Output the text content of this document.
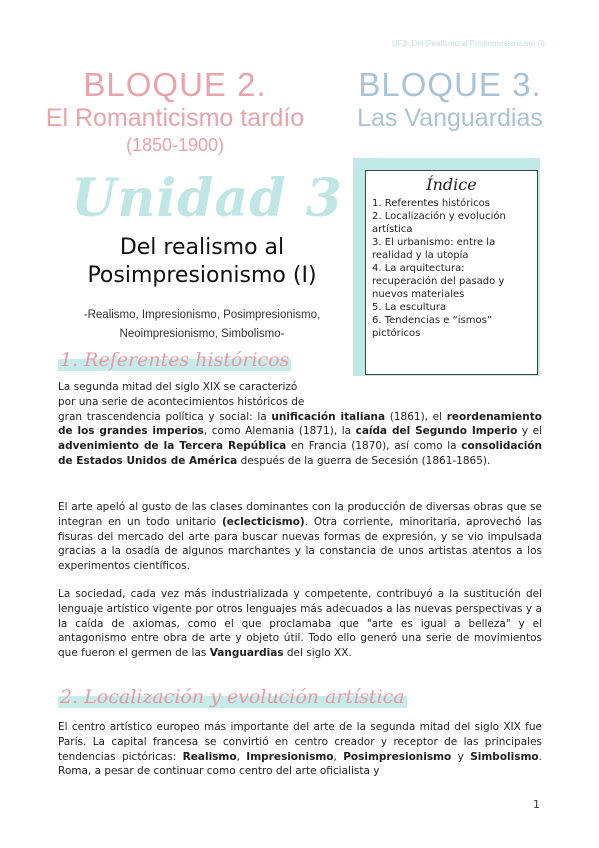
UF3. Del Realismo al Posimpresionismo (I)
BLOQUE 2.
El Romanticismo tardío
(1850-1900)
BLOQUE 3.
Las Vanguardias
Unidad 3
Del realismo al
Posimpresionismo (I)
-Realismo, Impresionismo, Posimpresionismo,
Neoimpresionismo, Simbolismo-
Índice
1. Referentes históricos
2. Localización y evolución artística
3. El urbanismo: entre la realidad y la utopía
4. La arquitectura: recuperación del pasado y nuevos materiales
5. La escultura
6. Tendencias e “ismos” pictóricos
1. Referentes históricos
La segunda mitad del siglo XIX se caracterizó
por una serie de acontecimientos históricos de
gran trascendencia política y social: la unificación italiana (1861), el reordenamiento de los grandes imperios, como Alemania (1871), la caída del Segundo Imperio y el advenimiento de la Tercera República en Francia (1870), así como la consolidación de Estados Unidos de América después de la guerra de Secesión (1861-1865).
El arte apeló al gusto de las clases dominantes con la producción de diversas obras que se integran en un todo unitario (eclecticismo). Otra corriente, minoritaria, aprovechó las fisuras del mercado del arte para buscar nuevas formas de expresión, y se vio impulsada gracias a la osadía de algunos marchantes y la constancia de unos artistas atentos a los experimentos científicos.
La sociedad, cada vez más industrializada y competente, contribuyó a la sustitución del lenguaje artístico vigente por otros lenguajes más adecuados a las nuevas perspectivas y a la caída de axiomas, como el que proclamaba que "arte es igual a belleza" y el antagonismo entre obra de arte y objeto útil. Todo ello generó una serie de movimientos que fueron el germen de las Vanguardias del siglo XX.
2. Localización y evolución artística
El centro artístico europeo más importante del arte de la segunda mitad del siglo XIX fue París. La capital francesa se convirtió en centro creador y receptor de las principales tendencias pictóricas: Realismo, Impresionismo, Posimpresionismo y Simbolismo. Roma, a pesar de continuar como centro del arte oficialista y
1
